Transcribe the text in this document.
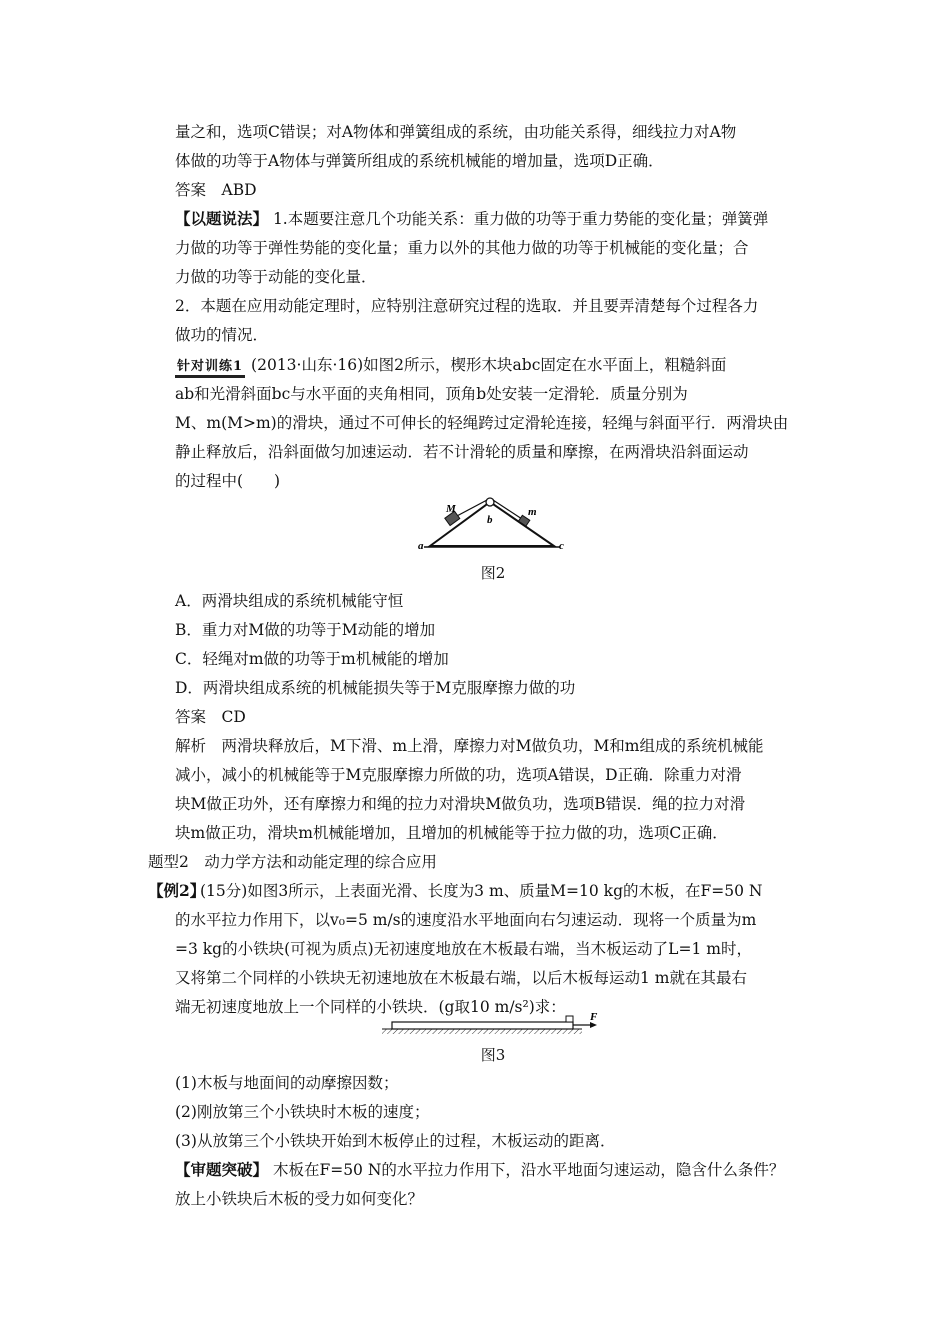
量之和，选项C错误；对A物体和弹簧组成的系统，由功能关系得，细线拉力对A物
体做的功等于A物体与弹簧所组成的系统机械能的增加量，选项D正确．
答案　ABD
【以题说法】 1.本题要注意几个功能关系：重力做的功等于重力势能的变化量；弹簧弹
力做的功等于弹性势能的变化量；重力以外的其他力做的功等于机械能的变化量；合
力做的功等于动能的变化量．
2．本题在应用动能定理时，应特别注意研究过程的选取．并且要弄清楚每个过程各力
做功的情况．
针对训练1 (2013·山东·16)如图2所示，楔形木块abc固定在水平面上，粗糙斜面
ab和光滑斜面bc与水平面的夹角相同，顶角b处安装一定滑轮．质量分别为
M、m(M>m)的滑块，通过不可伸长的轻绳跨过定滑轮连接，轻绳与斜面平行．两滑块由
静止释放后，沿斜面做匀加速运动．若不计滑轮的质量和摩擦，在两滑块沿斜面运动
的过程中(　　)
M
b
m
a	c
图2
A．两滑块组成的系统机械能守恒
B．重力对M做的功等于M动能的增加
C．轻绳对m做的功等于m机械能的增加
D．两滑块组成系统的机械能损失等于M克服摩擦力做的功
答案　CD
解析　两滑块释放后，M下滑、m上滑，摩擦力对M做负功，M和m组成的系统机械能
减小，减小的机械能等于M克服摩擦力所做的功，选项A错误，D正确．除重力对滑
块M做正功外，还有摩擦力和绳的拉力对滑块M做负功，选项B错误．绳的拉力对滑
块m做正功，滑块m机械能增加，且增加的机械能等于拉力做的功，选项C正确．
题型2　动力学方法和动能定理的综合应用
【例2】
(15分)如图3所示，上表面光滑、长度为3 m、质量M=10 kg的木板，在F=50 N
的水平拉力作用下，以v₀=5 m/s的速度沿水平地面向右匀速运动．现将一个质量为m
=3 kg的小铁块(可视为质点)无初速度地放在木板最右端，当木板运动了L=1 m时，
又将第二个同样的小铁块无初速地放在木板最右端，以后木板每运动1 m就在其最右
端无初速度地放上一个同样的小铁块．(g取10 m/s²)求：
F
图3
(1)木板与地面间的动摩擦因数；
(2)刚放第三个小铁块时木板的速度；
(3)从放第三个小铁块开始到木板停止的过程，木板运动的距离．
【审题突破】 木板在F=50 N的水平拉力作用下，沿水平地面匀速运动，隐含什么条件？
放上小铁块后木板的受力如何变化？
